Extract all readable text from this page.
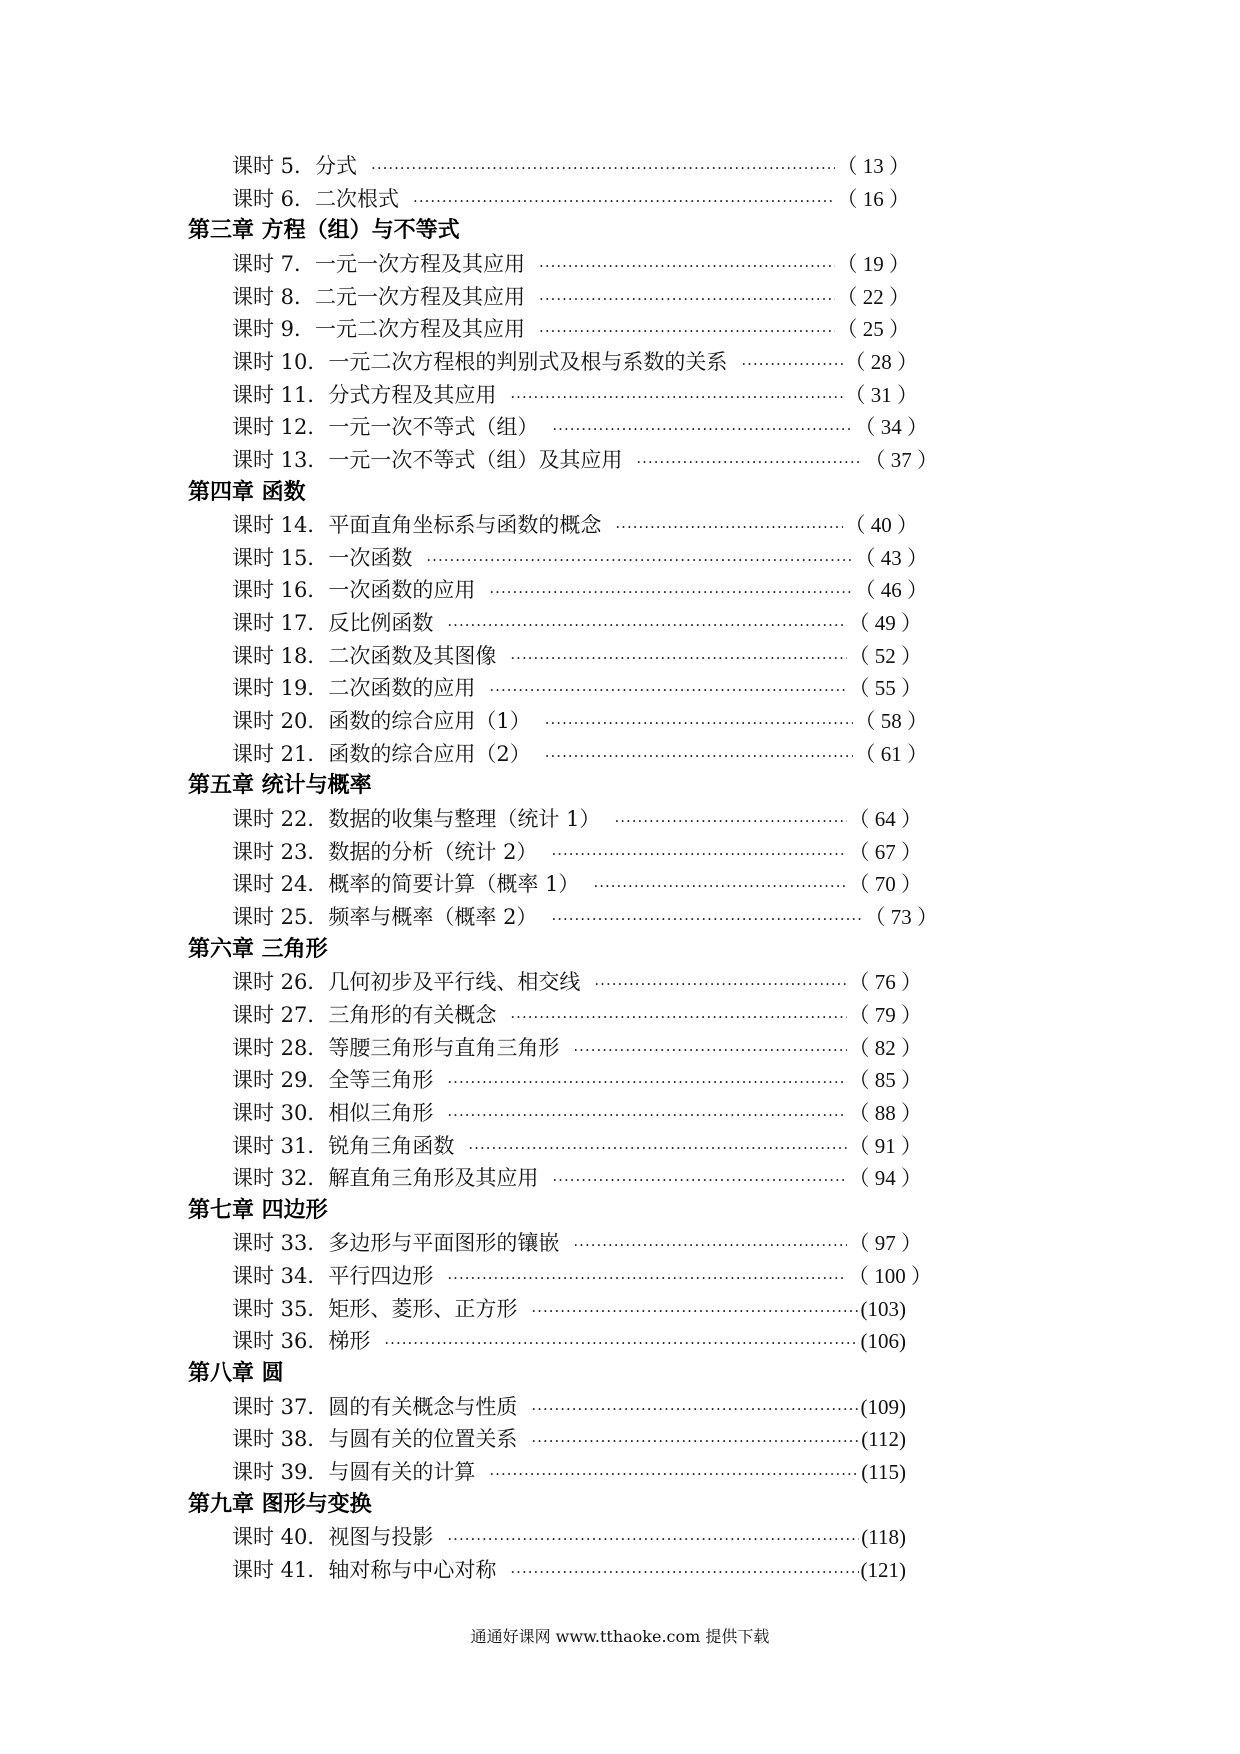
课时 5．分式 ·····	（ 13 ）
课时 6．二次根式 ·····	（ 16 ）
第三章 方程（组）与不等式
课时 7．一元一次方程及其应用 ·····	（ 19 ）
课时 8．二元一次方程及其应用 ·····	（ 22 ）
课时 9．一元二次方程及其应用 ·····	（ 25 ）
课时 10．一元二次方程根的判别式及根与系数的关系 ·····	（ 28 ）
课时 11．分式方程及其应用 ·····	（ 31 ）
课时 12．一元一次不等式（组） ·····	（ 34 ）
课时 13．一元一次不等式（组）及其应用 ·····	（ 37 ）
第四章 函数
课时 14．平面直角坐标系与函数的概念 ·····	（ 40 ）
课时 15．一次函数 ·····	（ 43 ）
课时 16．一次函数的应用 ·····	（ 46 ）
课时 17．反比例函数 ·····	（ 49 ）
课时 18．二次函数及其图像 ·····	（ 52 ）
课时 19．二次函数的应用 ·····	（ 55 ）
课时 20．函数的综合应用（1） ·····	（ 58 ）
课时 21．函数的综合应用（2） ·····	（ 61 ）
第五章 统计与概率
课时 22．数据的收集与整理（统计 1） ·····	（ 64 ）
课时 23．数据的分析（统计 2） ·····	（ 67 ）
课时 24．概率的简要计算（概率 1） ·····	（ 70 ）
课时 25．频率与概率（概率 2） ·····	（ 73 ）
第六章 三角形
课时 26．几何初步及平行线、相交线 ·····	（ 76 ）
课时 27．三角形的有关概念 ·····	（ 79 ）
课时 28．等腰三角形与直角三角形 ·····	（ 82 ）
课时 29．全等三角形 ·····	（ 85 ）
课时 30．相似三角形 ·····	（ 88 ）
课时 31．锐角三角函数 ·····	（ 91 ）
课时 32．解直角三角形及其应用 ·····	（ 94 ）
第七章 四边形
课时 33．多边形与平面图形的镶嵌 ·····	（ 97 ）
课时 34．平行四边形 ·····	（ 100 ）
课时 35．矩形、菱形、正方形 ·····	(103)
课时 36．梯形 ·····	(106)
第八章 圆
课时 37．圆的有关概念与性质 ·····	(109)
课时 38．与圆有关的位置关系 ·····	(112)
课时 39．与圆有关的计算 ·····	(115)
第九章 图形与变换
课时 40．视图与投影 ·····	(118)
课时 41．轴对称与中心对称 ·····	(121)
通通好课网 www.tthaoke.com 提供下载
